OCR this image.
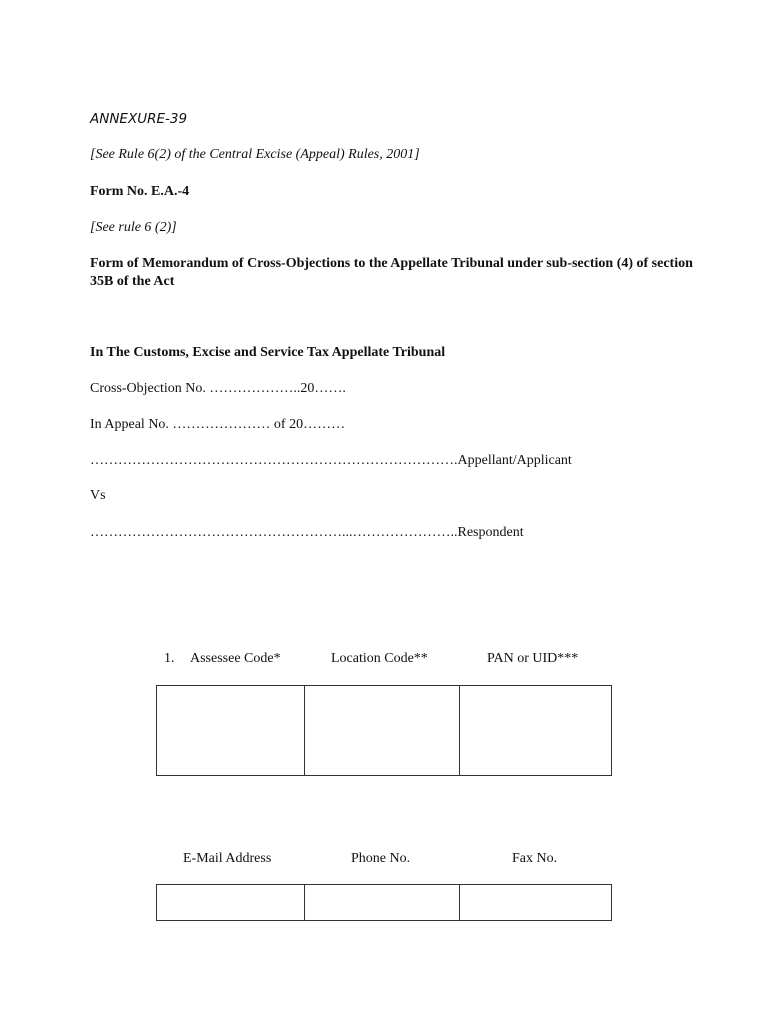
ANNEXURE-39
[See Rule 6(2) of the Central Excise (Appeal) Rules, 2001]
Form No. E.A.-4
[See rule 6 (2)]
Form of Memorandum of Cross-Objections to the Appellate Tribunal under sub-section (4) of section 35B of the Act
In The Customs, Excise and Service Tax Appellate Tribunal
Cross-Objection No. ………………..20…….
In Appeal No. ………………… of 20………
…………………………………………………………………….Appellant/Applicant
Vs
………………………………………………...…………………..Respondent
1. Assessee Code*	Location Code**	PAN or UID***

E-Mail Address	Phone No.	Fax No.
